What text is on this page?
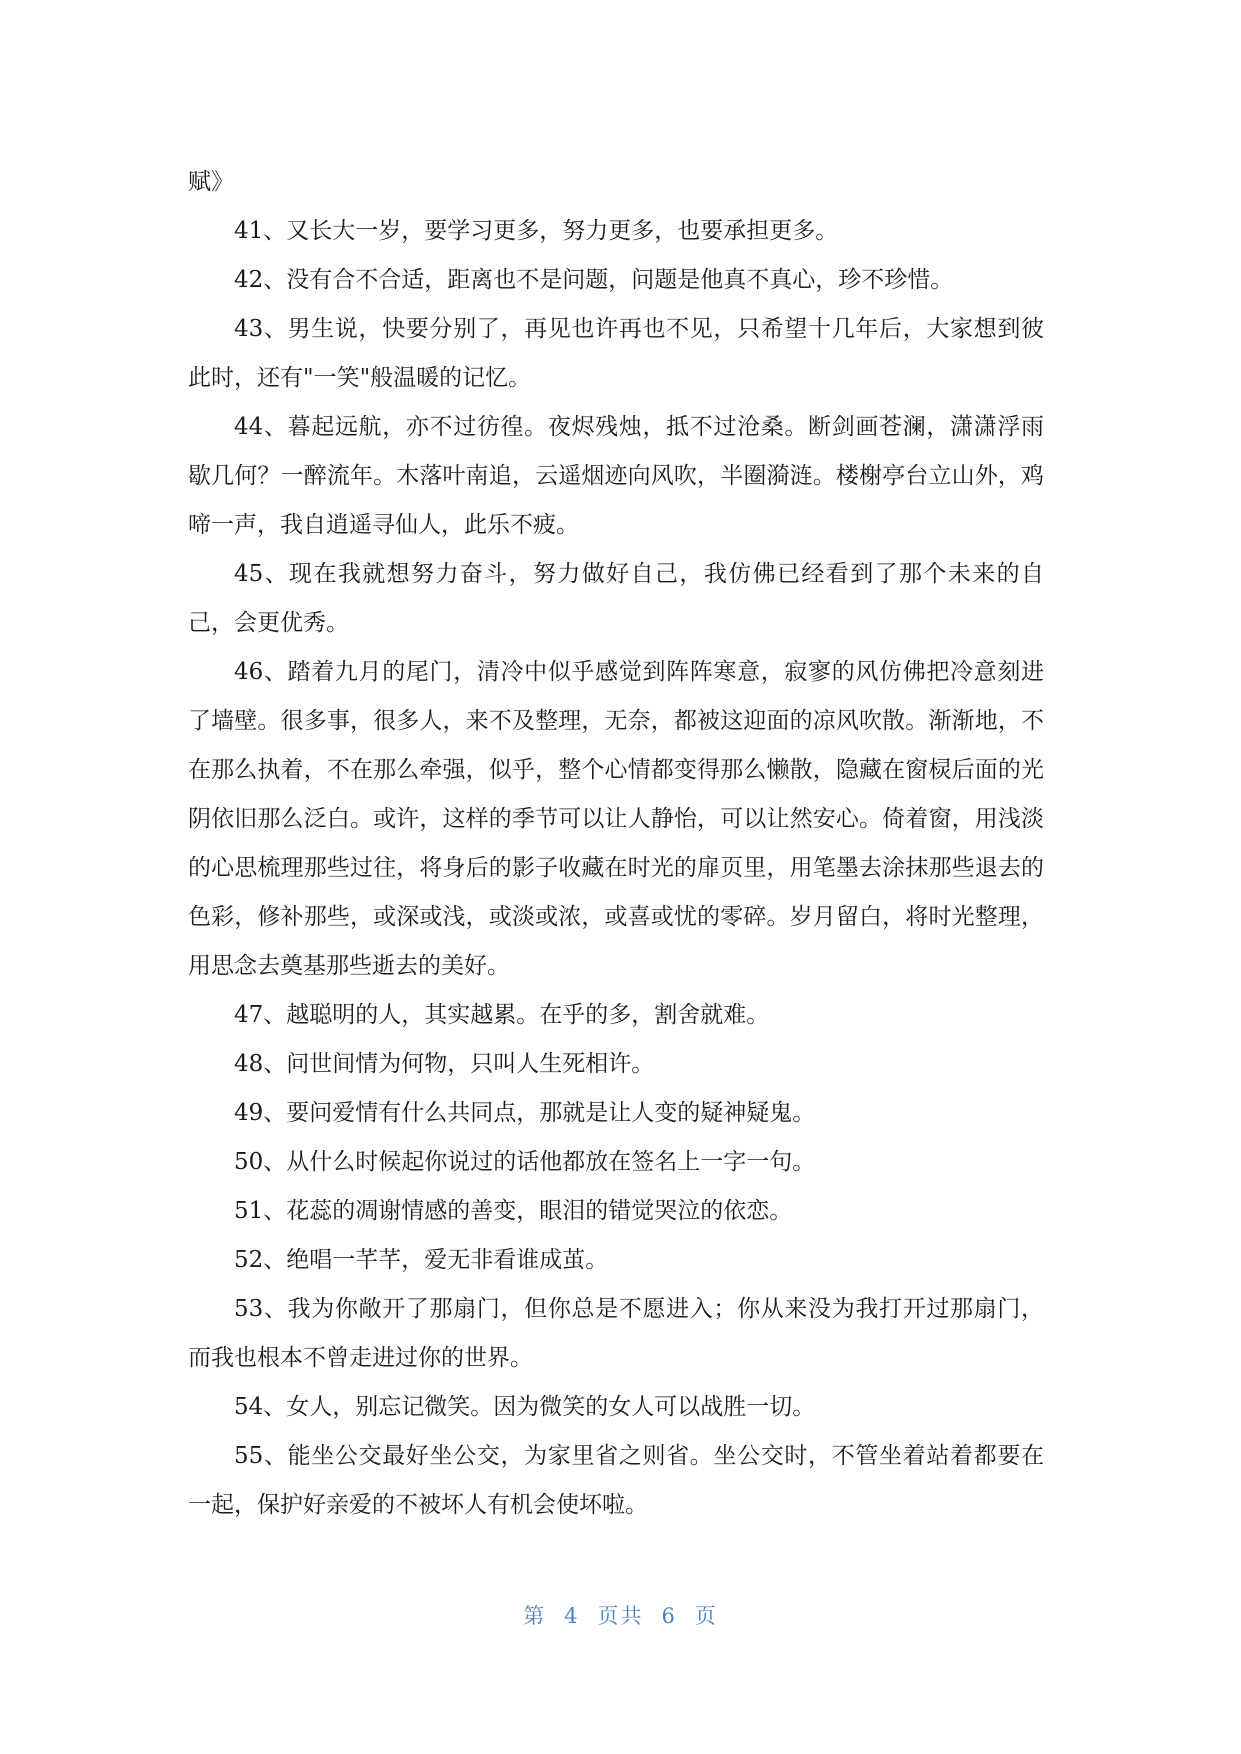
赋》

41、又长大一岁，要学习更多，努力更多，也要承担更多。

42、没有合不合适，距离也不是问题，问题是他真不真心，珍不珍惜。

43、男生说，快要分别了，再见也许再也不见，只希望十几年后，大家想到彼此时，还有"一笑"般温暖的记忆。

44、暮起远航，亦不过彷徨。夜烬残烛，抵不过沧桑。断剑画苍澜，潇潇浮雨歇几何？一醉流年。木落叶南追，云遥烟迹向风吹，半圈漪涟。楼榭亭台立山外，鸡啼一声，我自逍遥寻仙人，此乐不疲。

45、现在我就想努力奋斗，努力做好自己，我仿佛已经看到了那个未来的自己，会更优秀。

46、踏着九月的尾门，清冷中似乎感觉到阵阵寒意，寂寥的风仿佛把冷意刻进了墙壁。很多事，很多人，来不及整理，无奈，都被这迎面的凉风吹散。渐渐地，不在那么执着，不在那么牵强，似乎，整个心情都变得那么懒散，隐藏在窗棂后面的光阴依旧那么泛白。或许，这样的季节可以让人静怡，可以让然安心。倚着窗，用浅淡的心思梳理那些过往，将身后的影子收藏在时光的扉页里，用笔墨去涂抹那些退去的色彩，修补那些，或深或浅，或淡或浓，或喜或忧的零碎。岁月留白，将时光整理，用思念去奠基那些逝去的美好。

47、越聪明的人，其实越累。在乎的多，割舍就难。

48、问世间情为何物，只叫人生死相许。

49、要问爱情有什么共同点，那就是让人变的疑神疑鬼。

50、从什么时候起你说过的话他都放在签名上一字一句。

51、花蕊的凋谢情感的善变，眼泪的错觉哭泣的依恋。

52、绝唱一芊芊，爱无非看谁成茧。

53、我为你敞开了那扇门，但你总是不愿进入；你从来没为我打开过那扇门，而我也根本不曾走进过你的世界。

54、女人，别忘记微笑。因为微笑的女人可以战胜一切。

55、能坐公交最好坐公交，为家里省之则省。坐公交时，不管坐着站着都要在一起，保护好亲爱的不被坏人有机会使坏啦。

第 4 页共 6 页
